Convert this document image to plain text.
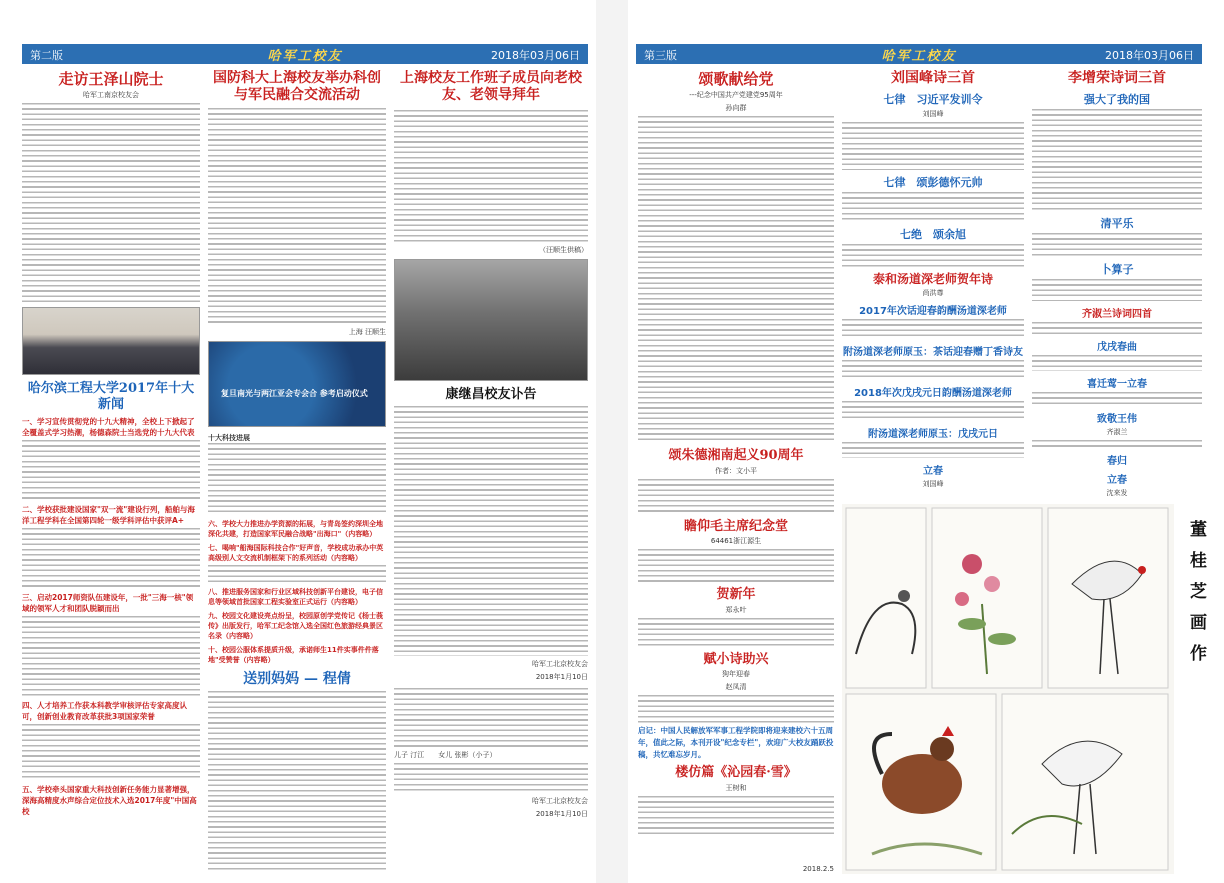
第二版	哈军工校友	2018年03月06日
走访王泽山院士
哈军工南京校友会
哈尔滨工程大学2017年十大新闻
一、学习宣传贯彻党的十九大精神，全校上下掀起了全覆盖式学习热潮，杨德森院士当选党的十九大代表
二、学校获批建设国家"双一流"建设行列，船舶与海洋工程学科在全国第四轮一级学科评估中获评A+
三、启动2017师资队伍建设年，一批"三海一核"领域的领军人才和团队脱颖而出
四、人才培养工作获本科教学审核评估专家高度认可，创新创业教育改革获批3项国家荣誉
五、学校牵头国家重大科技创新任务能力显著增强，深海高精度水声综合定位技术入选2017年度"中国高校
国防科大上海校友举办科创与军民融合交流活动
上海 汪顺生
复旦南光与两江亚会专会合 参考启动仪式
十大科技进展
六、学校大力推进办学资源的拓展，与青岛签约深圳全地深化共建，打造国家军民融合战略"出海口"（内容略）
七、喝响"船海国际科技合作"好声音，学校成功承办中英高级别人文交流机制框架下的系列活动（内容略）
八、推进服务国家和行业区域科技创新平台建设，电子信息等领域首批国家工程实验室正式运行（内容略）
九、校园文化建设亮点纷呈，校园原创学党传记《杨士莪传》出版发行，哈军工纪念馆入选全国红色旅游经典景区名录（内容略）
十、校园公服体系提质升级，承诺师生11件实事件件落地"受赞誉（内容略）
送别妈妈 — 程倩
上海校友工作班子成员向老校友、老领导拜年
（汪顺生供稿）
康继昌校友讣告
哈军工北京校友会
2018年1月10日
儿子 汀江　　女儿 张彬（小子）
哈军工北京校友会
2018年1月10日
第三版	哈军工校友	2018年03月06日
颂歌献给党
---纪念中国共产党建党95周年
孙向群
颂朱德湘南起义90周年
作者：文小平
瞻仰毛主席纪念堂
64461浙江源生
贺新年
郑永叶
赋小诗助兴
狗年迎春
赵凤清
启记：中国人民解放军军事工程学院即将迎来建校六十五周年，值此之际，本刊开设"纪念专栏"，欢迎广大校友踊跃投稿，共忆难忘岁月。
楼仿篇《沁园春·雪》
王树和
刘国峰诗三首
七律　习近平发训令
刘国峰
七律　颂彭德怀元帅
七绝　颂余旭
泰和汤道深老师贺年诗
尚洪尊
2017年次话迎春韵酬汤道深老师
附汤道深老师原玉：茶话迎春赠丁香诗友
2018年次戊戌元日韵酬汤道深老师
附汤道深老师原玉：戊戌元日
立春
刘国峰
李增荣诗词三首
强大了我的国
清平乐
卜算子
齐淑兰诗词四首
戊戌春曲
喜迁莺一立春
致敬王伟
齐淑兰
春归
立春
沈来发
董桂芝画作
2018.2.5
